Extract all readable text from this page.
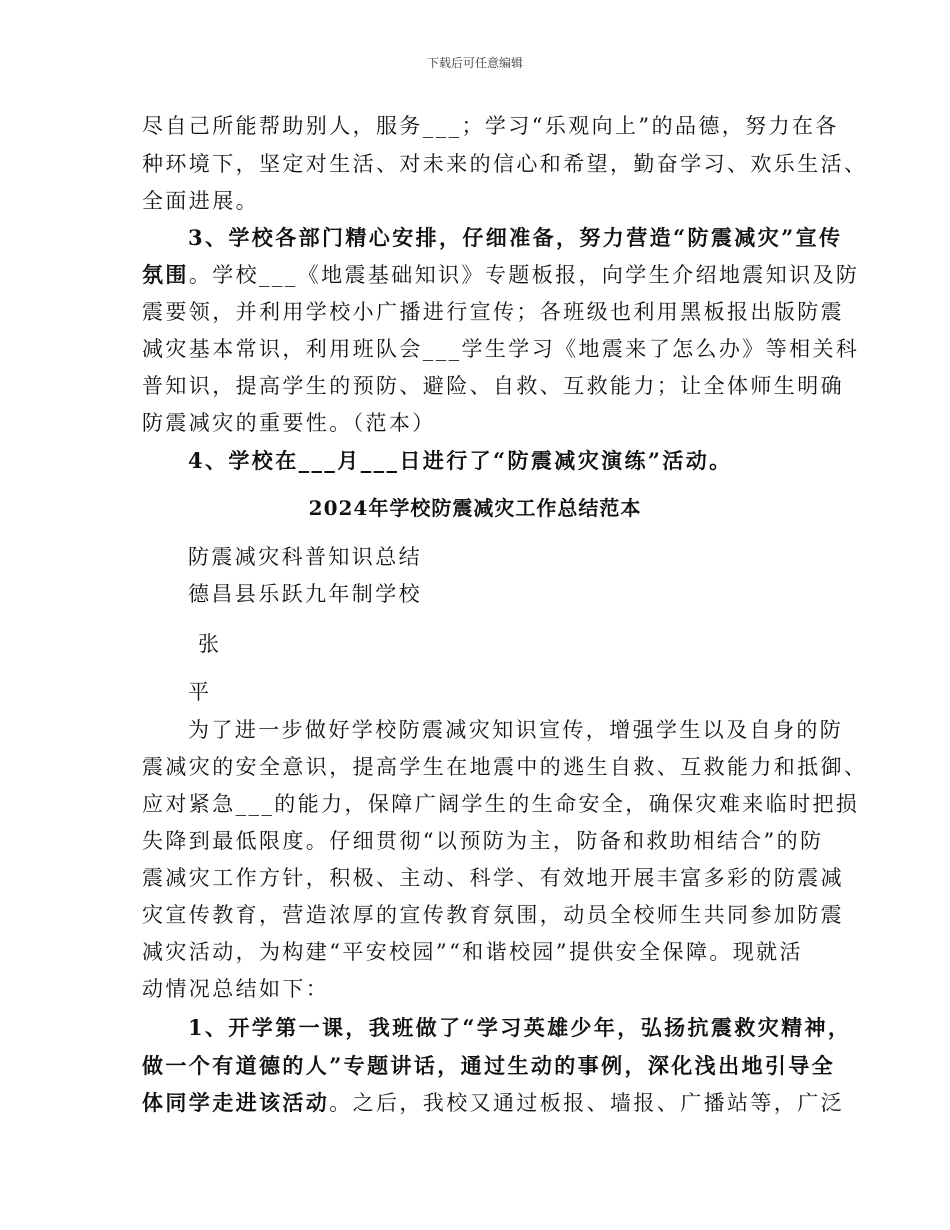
下载后可任意编辑
尽自己所能帮助别人，服务___；学习“乐观向上”的品德，努力在各
种环境下，坚定对生活、对未来的信心和希望，勤奋学习、欢乐生活、
全面进展。
3、学校各部门精心安排，仔细准备，努力营造“防震减灾”宣传
氛围。学校___《地震基础知识》专题板报，向学生介绍地震知识及防
震要领，并利用学校小广播进行宣传；各班级也利用黑板报出版防震
减灾基本常识，利用班队会___学生学习《地震来了怎么办》等相关科
普知识，提高学生的预防、避险、自救、互救能力；让全体师生明确
防震减灾的重要性。（范本）
4、学校在___月___日进行了“防震减灾演练”活动。
2024年学校防震减灾工作总结范本
防震减灾科普知识总结
德昌县乐跃九年制学校
张
平
为了进一步做好学校防震减灾知识宣传，增强学生以及自身的防
震减灾的安全意识，提高学生在地震中的逃生自救、互救能力和抵御、
应对紧急___的能力，保障广阔学生的生命安全，确保灾难来临时把损
失降到最低限度。仔细贯彻“以预防为主，防备和救助相结合”的防
震减灾工作方针，积极、主动、科学、有效地开展丰富多彩的防震减
灾宣传教育，营造浓厚的宣传教育氛围，动员全校师生共同参加防震
减灾活动，为构建“平安校园”“和谐校园”提供安全保障。现就活
动情况总结如下：
1、开学第一课，我班做了“学习英雄少年，弘扬抗震救灾精神，
做一个有道德的人”专题讲话，通过生动的事例，深化浅出地引导全
体同学走进该活动。之后，我校又通过板报、墙报、广播站等，广泛
